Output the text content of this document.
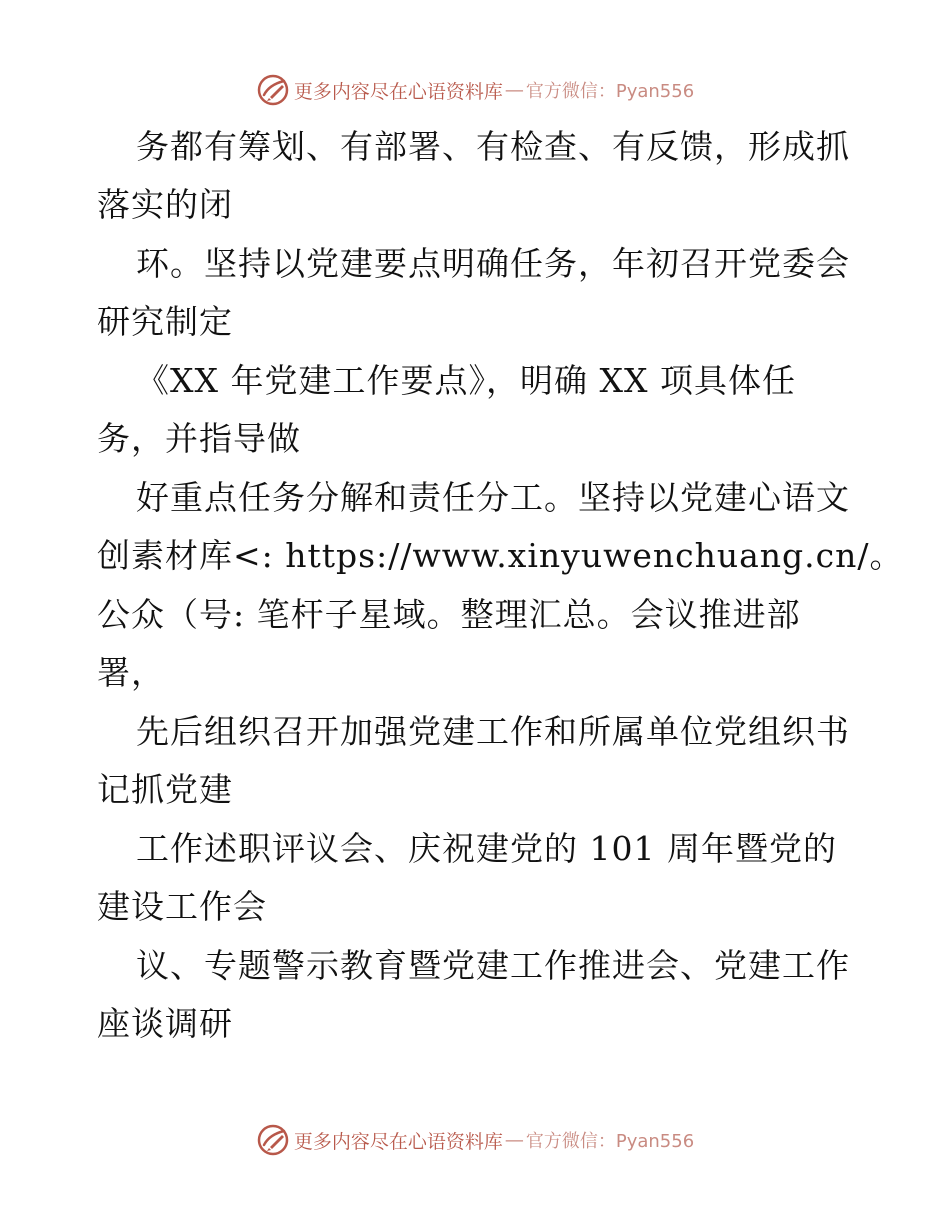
更多内容尽在心语资料库 — 官方微信：Pyan556
务都有筹划、有部署、有检查、有反馈，形成抓
落实的闭
环。坚持以党建要点明确任务，年初召开党委会
研究制定
《XX 年党建工作要点》，明确 XX 项具体任
务，并指导做
好重点任务分解和责任分工。坚持以党建心语文
创素材库<: https://www.xinyuwenchuang.cn/。
公众（号: 笔杆子星域。整理汇总。会议推进部
署，
先后组织召开加强党建工作和所属单位党组织书
记抓党建
工作述职评议会、庆祝建党的 101 周年暨党的
建设工作会
议、专题警示教育暨党建工作推进会、党建工作
座谈调研
更多内容尽在心语资料库 — 官方微信：Pyan556
